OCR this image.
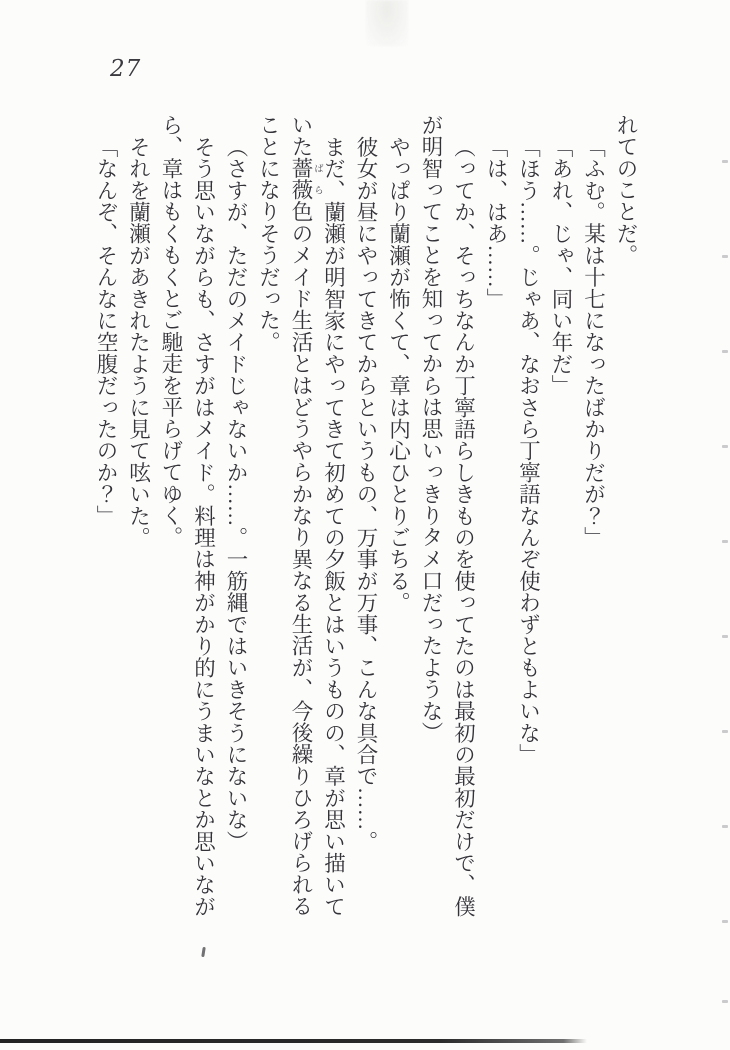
27

れてのことだ。

「ふむ。某は十七になったばかりだが？」

「あれ、じゃ、同い年だ」

「ほう……。じゃあ、なおさら丁寧語なんぞ使わずともよいな」

「は、はあ……」

（ってか、そっちなんか丁寧語らしきものを使ってたのは最初の最初だけで、僕が明智ってことを知ってからは思いっきりタメ口だったような）

やっぱり蘭瀬が怖くて、章は内心ひとりごちる。

彼女が昼にやってきてからというもの、万事が万事、こんな具合で……。

まだ、蘭瀬が明智家にやってきて初めての夕飯とはいうものの、章が思い描いていた薔薇 ばら色のメイド生活とはどうやらかなり異なる生活が、今後繰りひろげられることになりそうだった。

（さすが、ただのメイドじゃないか……。一筋縄ではいきそうにないな）

そう思いながらも、さすがはメイド。料理は神がかり的にうまいなとか思いながら、章はもくもくとご馳走を平らげてゆく。

それを蘭瀬があきれたように見て呟いた。

「なんぞ、そんなに空腹だったのか？」
